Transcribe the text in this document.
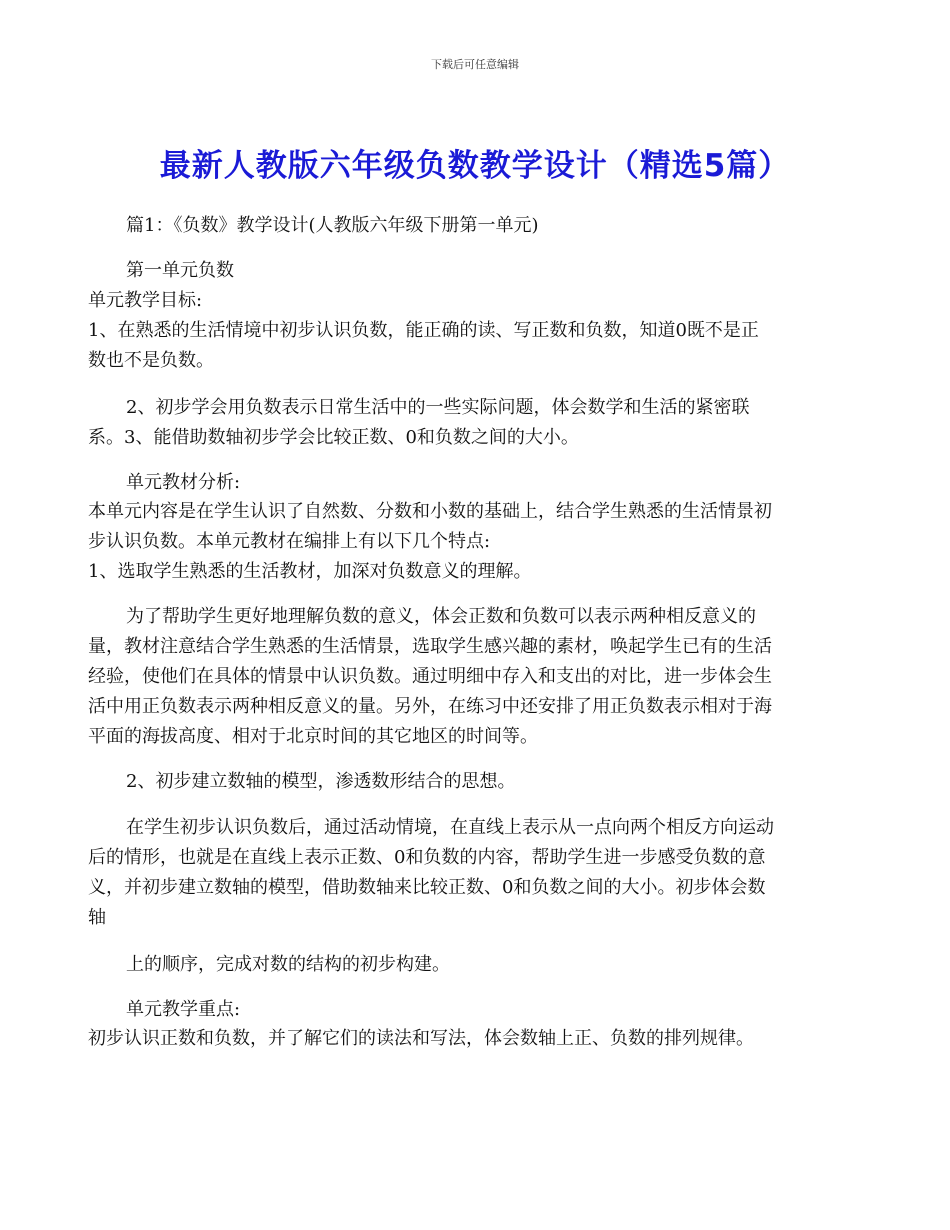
下载后可任意编辑
最新人教版六年级负数教学设计（精选5篇）
篇1：《负数》教学设计(人教版六年级下册第一单元)
第一单元负数
单元教学目标:
1、在熟悉的生活情境中初步认识负数，能正确的读、写正数和负数，知道0既不是正
数也不是负数。
2、初步学会用负数表示日常生活中的一些实际问题，体会数学和生活的紧密联
系。3、能借助数轴初步学会比较正数、0和负数之间的大小。
单元教材分析:
本单元内容是在学生认识了自然数、分数和小数的基础上，结合学生熟悉的生活情景初
步认识负数。本单元教材在编排上有以下几个特点:
1、选取学生熟悉的生活教材，加深对负数意义的理解。
为了帮助学生更好地理解负数的意义，体会正数和负数可以表示两种相反意义的
量，教材注意结合学生熟悉的生活情景，选取学生感兴趣的素材，唤起学生已有的生活
经验，使他们在具体的情景中认识负数。通过明细中存入和支出的对比，进一步体会生
活中用正负数表示两种相反意义的量。另外，在练习中还安排了用正负数表示相对于海
平面的海拔高度、相对于北京时间的其它地区的时间等。
2、初步建立数轴的模型，渗透数形结合的思想。
在学生初步认识负数后，通过活动情境，在直线上表示从一点向两个相反方向运动
后的情形，也就是在直线上表示正数、0和负数的内容，帮助学生进一步感受负数的意
义，并初步建立数轴的模型，借助数轴来比较正数、0和负数之间的大小。初步体会数
轴
上的顺序，完成对数的结构的初步构建。
单元教学重点:
初步认识正数和负数，并了解它们的读法和写法，体会数轴上正、负数的排列规律。
